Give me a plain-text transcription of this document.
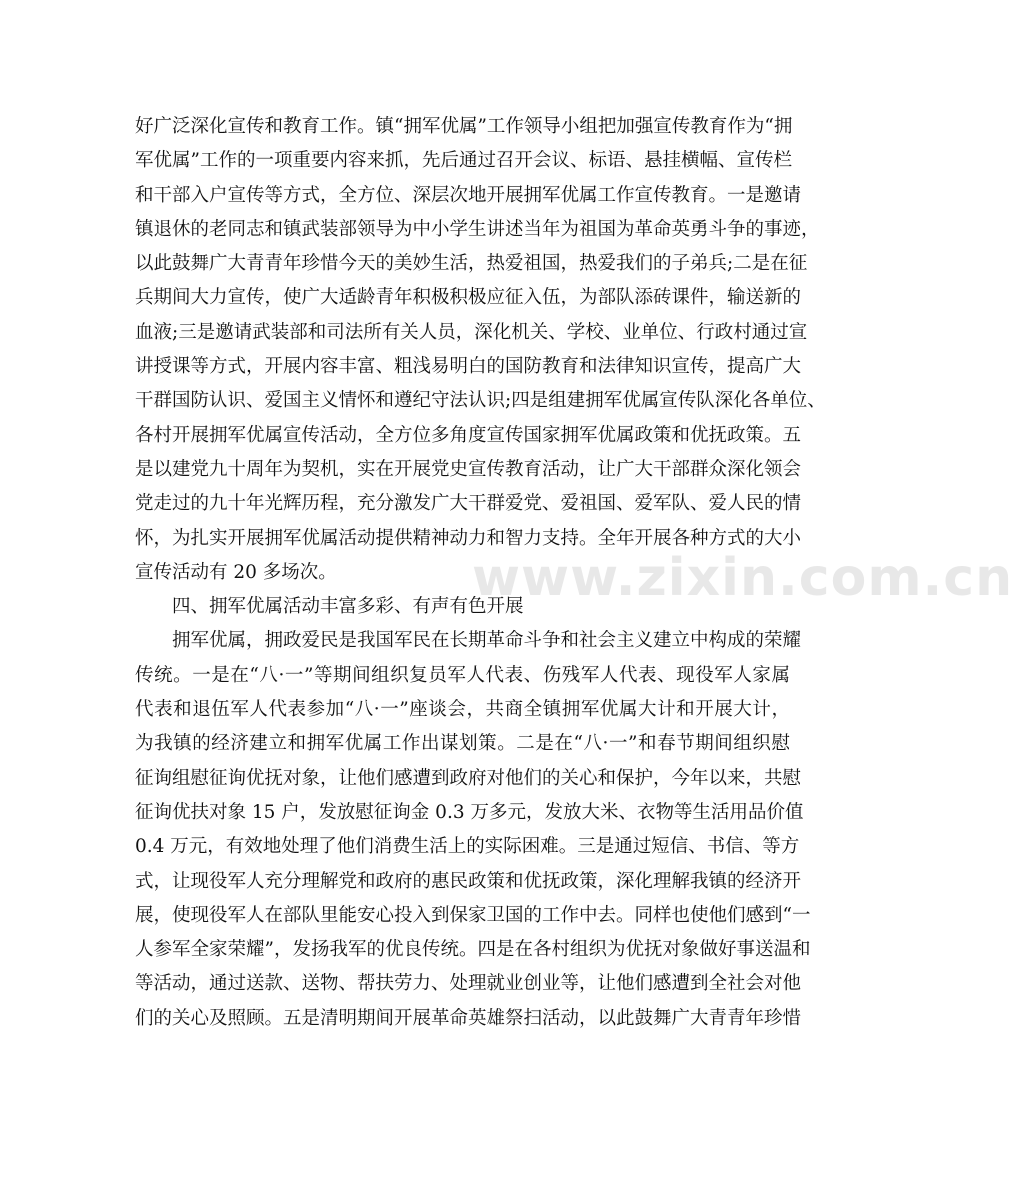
好广泛深化宣传和教育工作。镇“拥军优属”工作领导小组把加强宣传教育作为“拥
军优属”工作的一项重要内容来抓，先后通过召开会议、标语、悬挂横幅、宣传栏
和干部入户宣传等方式，全方位、深层次地开展拥军优属工作宣传教育。一是邀请
镇退休的老同志和镇武装部领导为中小学生讲述当年为祖国为革命英勇斗争的事迹，
以此鼓舞广大青青年珍惜今天的美妙生活，热爱祖国，热爱我们的子弟兵;二是在征
兵期间大力宣传，使广大适龄青年积极积极应征入伍，为部队添砖课件，输送新的
血液;三是邀请武装部和司法所有关人员，深化机关、学校、业单位、行政村通过宣
讲授课等方式，开展内容丰富、粗浅易明白的国防教育和法律知识宣传，提高广大
干群国防认识、爱国主义情怀和遵纪守法认识;四是组建拥军优属宣传队深化各单位、
各村开展拥军优属宣传活动，全方位多角度宣传国家拥军优属政策和优抚政策。五
是以建党九十周年为契机，实在开展党史宣传教育活动，让广大干部群众深化领会
党走过的九十年光辉历程，充分激发广大干群爱党、爱祖国、爱军队、爱人民的情
怀，为扎实开展拥军优属活动提供精神动力和智力支持。全年开展各种方式的大小
宣传活动有 20 多场次。
四、拥军优属活动丰富多彩、有声有色开展
拥军优属，拥政爱民是我国军民在长期革命斗争和社会主义建立中构成的荣耀
传统。一是在“八·一”等期间组织复员军人代表、伤残军人代表、现役军人家属
代表和退伍军人代表参加“八·一”座谈会，共商全镇拥军优属大计和开展大计，
为我镇的经济建立和拥军优属工作出谋划策。二是在“八·一”和春节期间组织慰
征询组慰征询优抚对象，让他们感遭到政府对他们的关心和保护，今年以来，共慰
征询优扶对象 15 户，发放慰征询金 0.3 万多元，发放大米、衣物等生活用品价值
0.4 万元，有效地处理了他们消费生活上的实际困难。三是通过短信、书信、等方
式，让现役军人充分理解党和政府的惠民政策和优抚政策，深化理解我镇的经济开
展，使现役军人在部队里能安心投入到保家卫国的工作中去。同样也使他们感到“一
人参军全家荣耀”，发扬我军的优良传统。四是在各村组织为优抚对象做好事送温和
等活动，通过送款、送物、帮扶劳力、处理就业创业等，让他们感遭到全社会对他
们的关心及照顾。五是清明期间开展革命英雄祭扫活动，以此鼓舞广大青青年珍惜
www.zixin.com.cn
